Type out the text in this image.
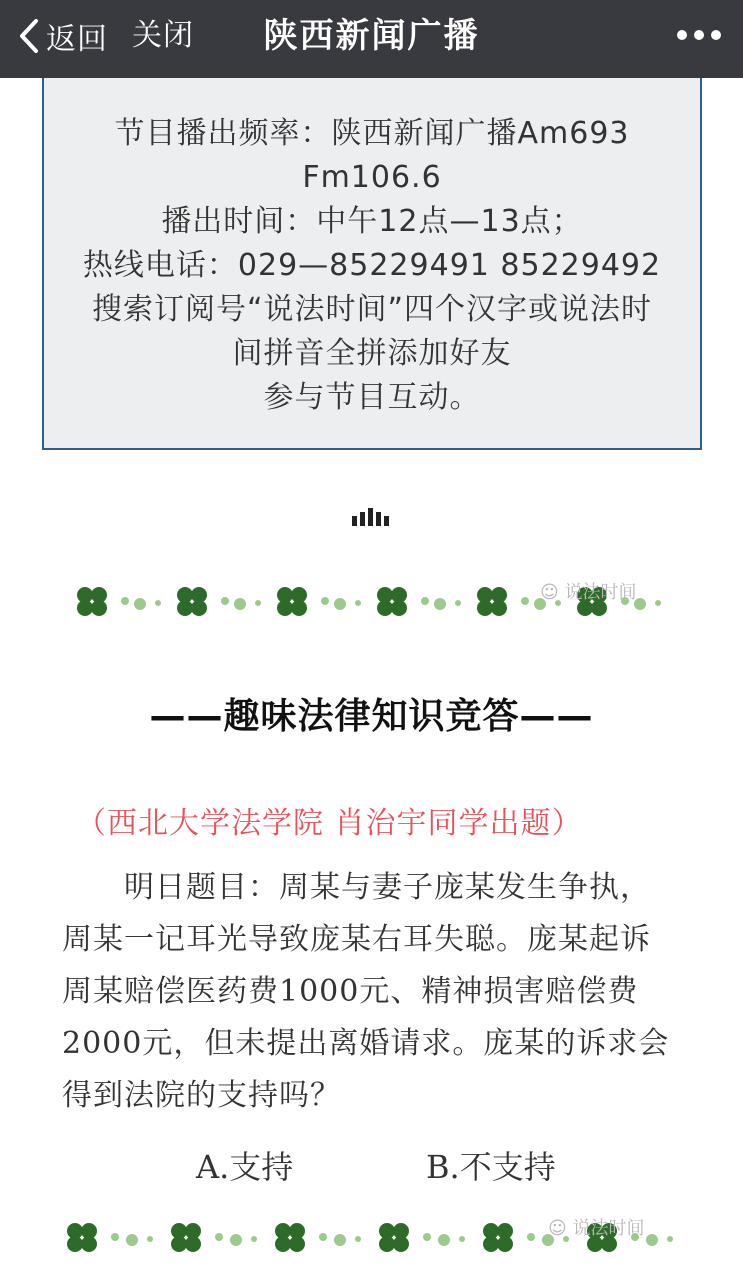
返回 关闭	陕西新闻广播
节目播出频率：陕西新闻广播Am693
Fm106.6
播出时间：中午12点—13点；
热线电话：029—85229491 85229492
搜索订阅号“说法时间”四个汉字或说法时
间拼音全拼添加好友
参与节目互动。
☺ 说法时间
——趣味法律知识竞答——
（西北大学法学院 肖治宇同学出题）
　　明日题目：周某与妻子庞某发生争执，
周某一记耳光导致庞某右耳失聪。庞某起诉
周某赔偿医药费1000元、精神损害赔偿费
2000元，但未提出离婚请求。庞某的诉求会
得到法院的支持吗？
A.支持	B.不支持
☺ 说法时间
